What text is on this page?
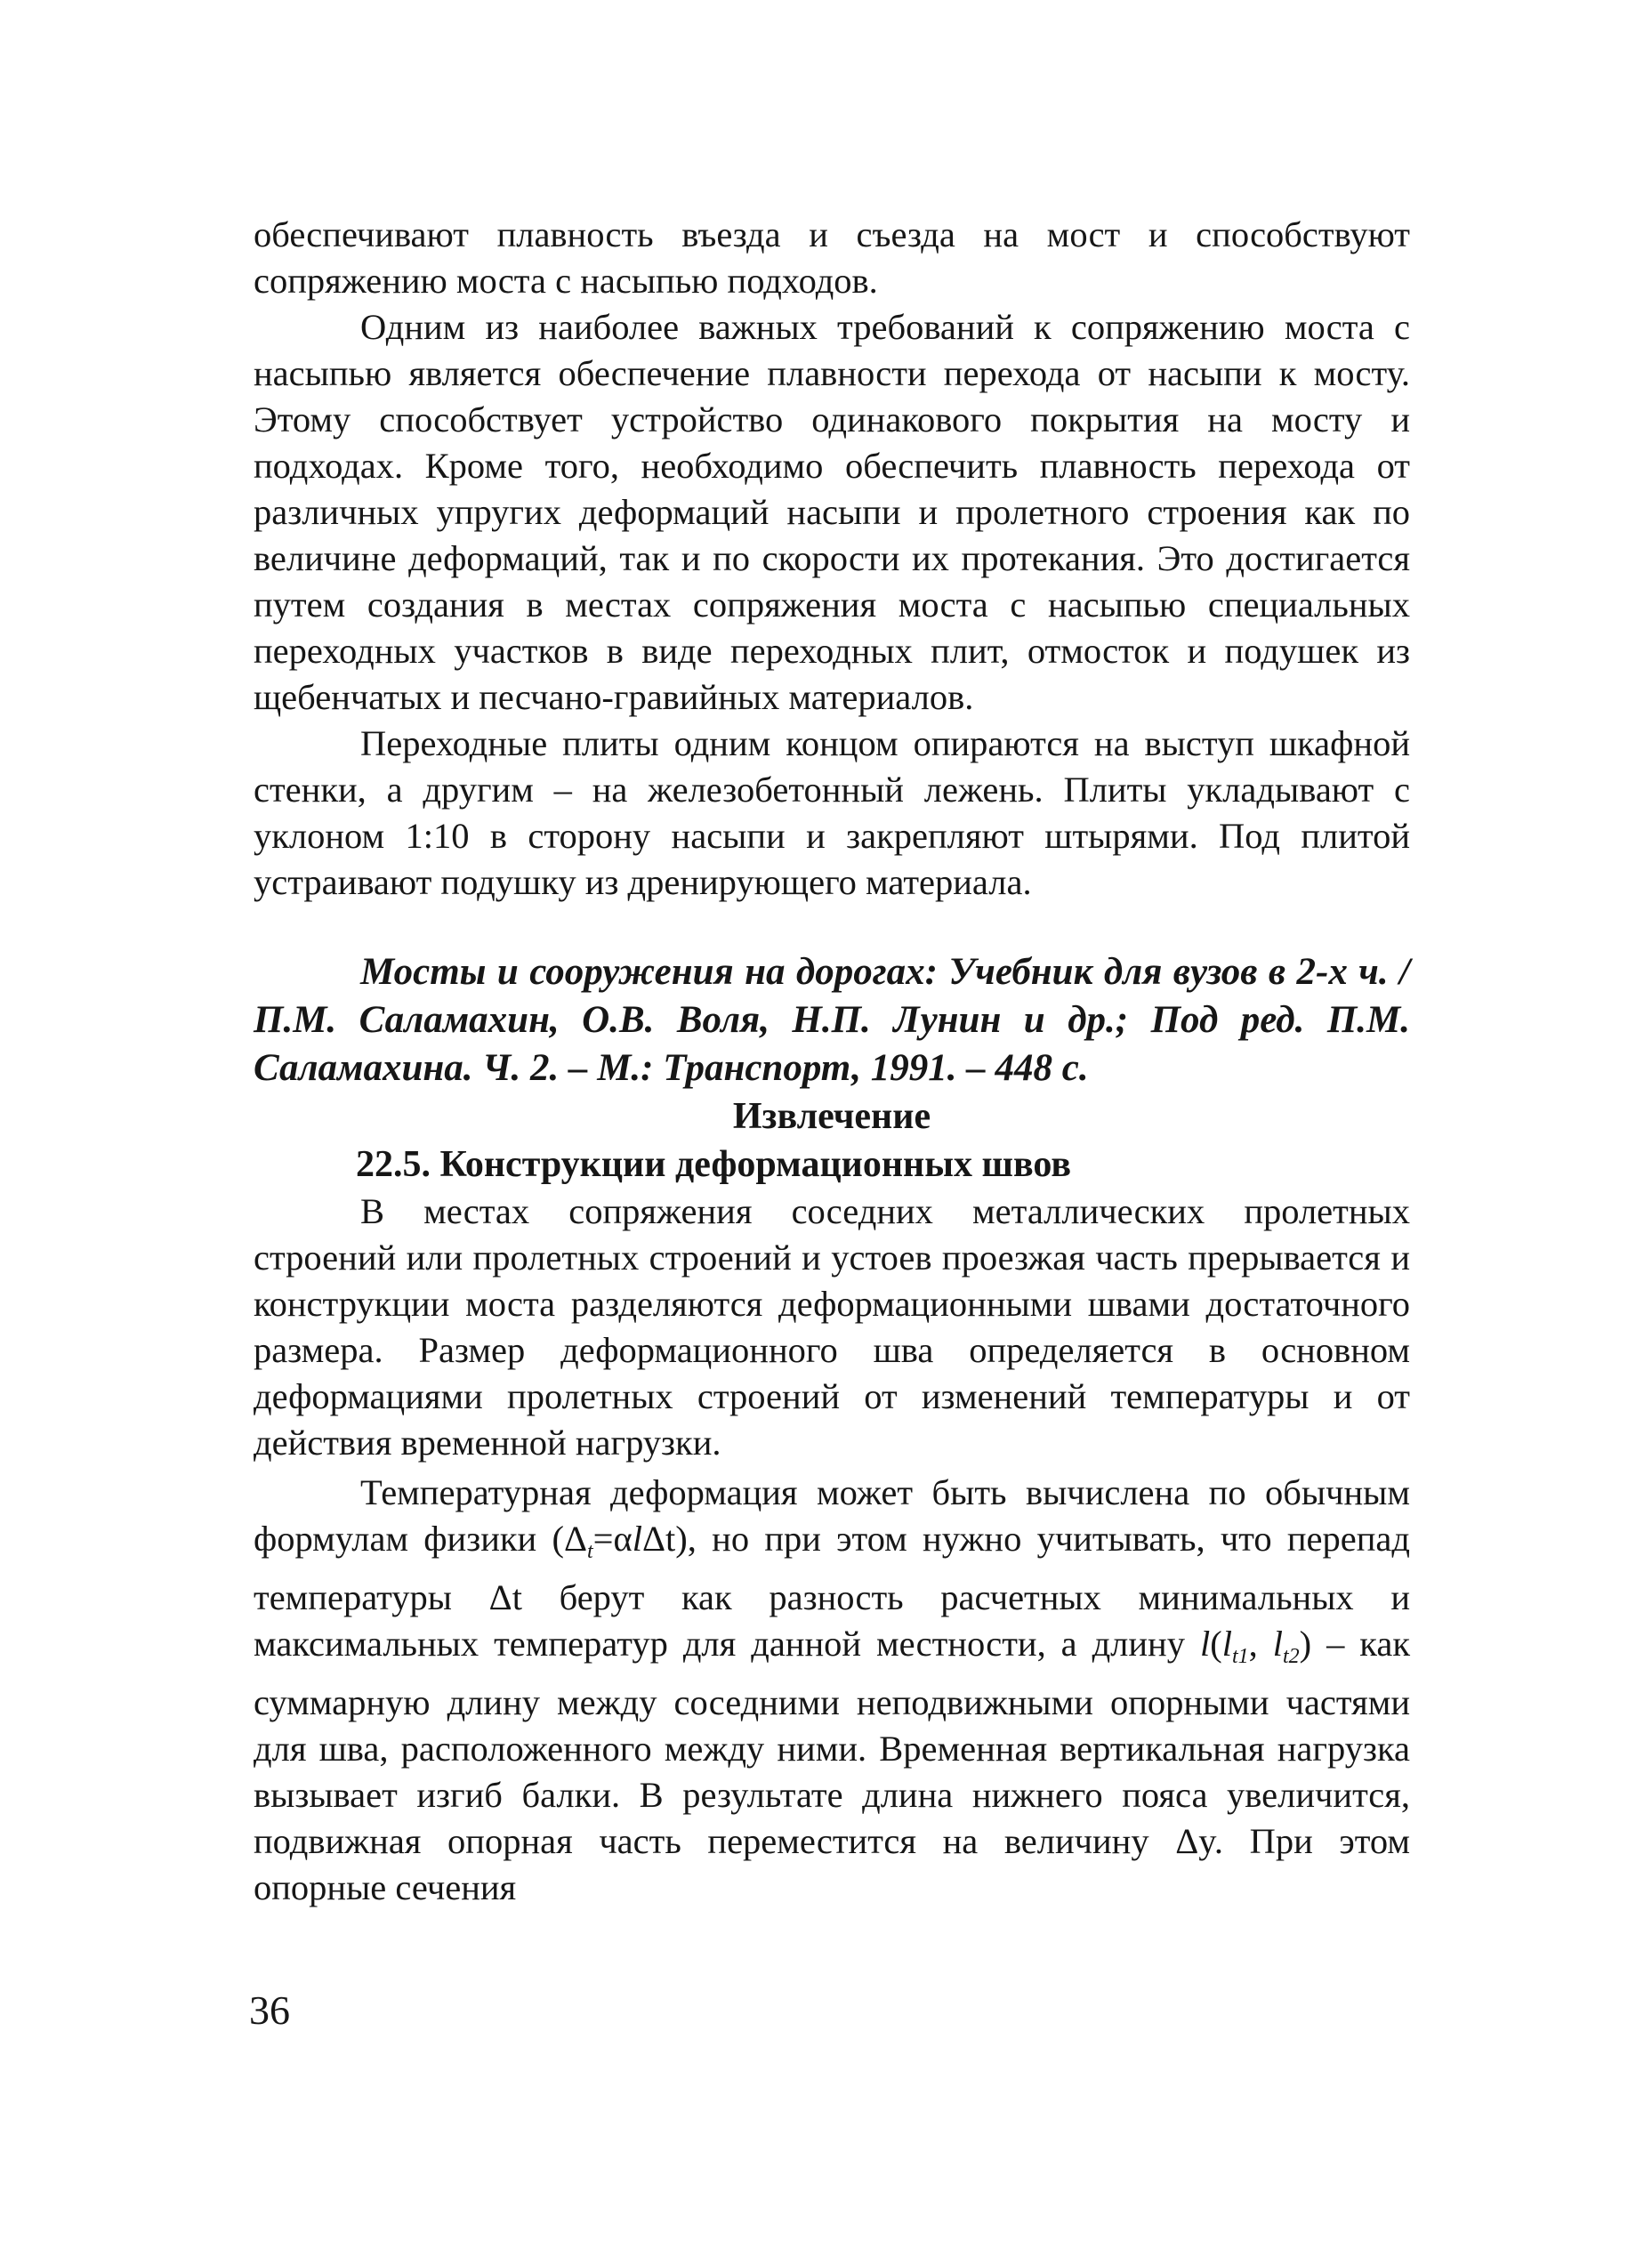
обеспечивают плавность въезда и съезда на мост и способствуют сопряжению моста с насыпью подходов.

Одним из наиболее важных требований к сопряжению моста с насыпью является обеспечение плавности перехода от насыпи к мосту. Этому способствует устройство одинакового покрытия на мосту и подходах. Кроме того, необходимо обеспечить плавность перехода от различных упругих деформаций насыпи и пролетного строения как по величине деформаций, так и по скорости их протекания. Это достигается путем создания в местах сопряжения моста с насыпью специальных переходных участков в виде переходных плит, отмосток и подушек из щебенчатых и песчано-гравийных материалов.

Переходные плиты одним концом опираются на выступ шкафной стенки, а другим – на железобетонный лежень. Плиты укладывают с уклоном 1:10 в сторону насыпи и закрепляют штырями. Под плитой устраивают подушку из дренирующего материала.

Мосты и сооружения на дорогах: Учебник для вузов в 2-х ч. / П.М. Саламахин, О.В. Воля, Н.П. Лунин и др.; Под ред. П.М. Саламахина. Ч. 2. – М.: Транспорт, 1991. – 448 с.

Извлечение

22.5. Конструкции деформационных швов

В местах сопряжения соседних металлических пролетных строений или пролетных строений и устоев проезжая часть прерывается и конструкции моста разделяются деформационными швами достаточного размера. Размер деформационного шва определяется в основном деформациями пролетных строений от изменений температуры и от действия временной нагрузки.

Температурная деформация может быть вычислена по обычным формулам физики $(\Delta_t=\alpha l\Delta t)$, но при этом нужно учитывать, что перепад температуры Δt берут как разность расчетных минимальных и максимальных температур для данной местности, а длину $l(l_{t1}$, $l_{t2}$) – как суммарную длину между соседними неподвижными опорными частями для шва, расположенного между ними. Временная вертикальная нагрузка вызывает изгиб балки. В результате длина нижнего пояса увеличится, подвижная опорная часть переместится на величину Δy. При этом опорные сечения

36
